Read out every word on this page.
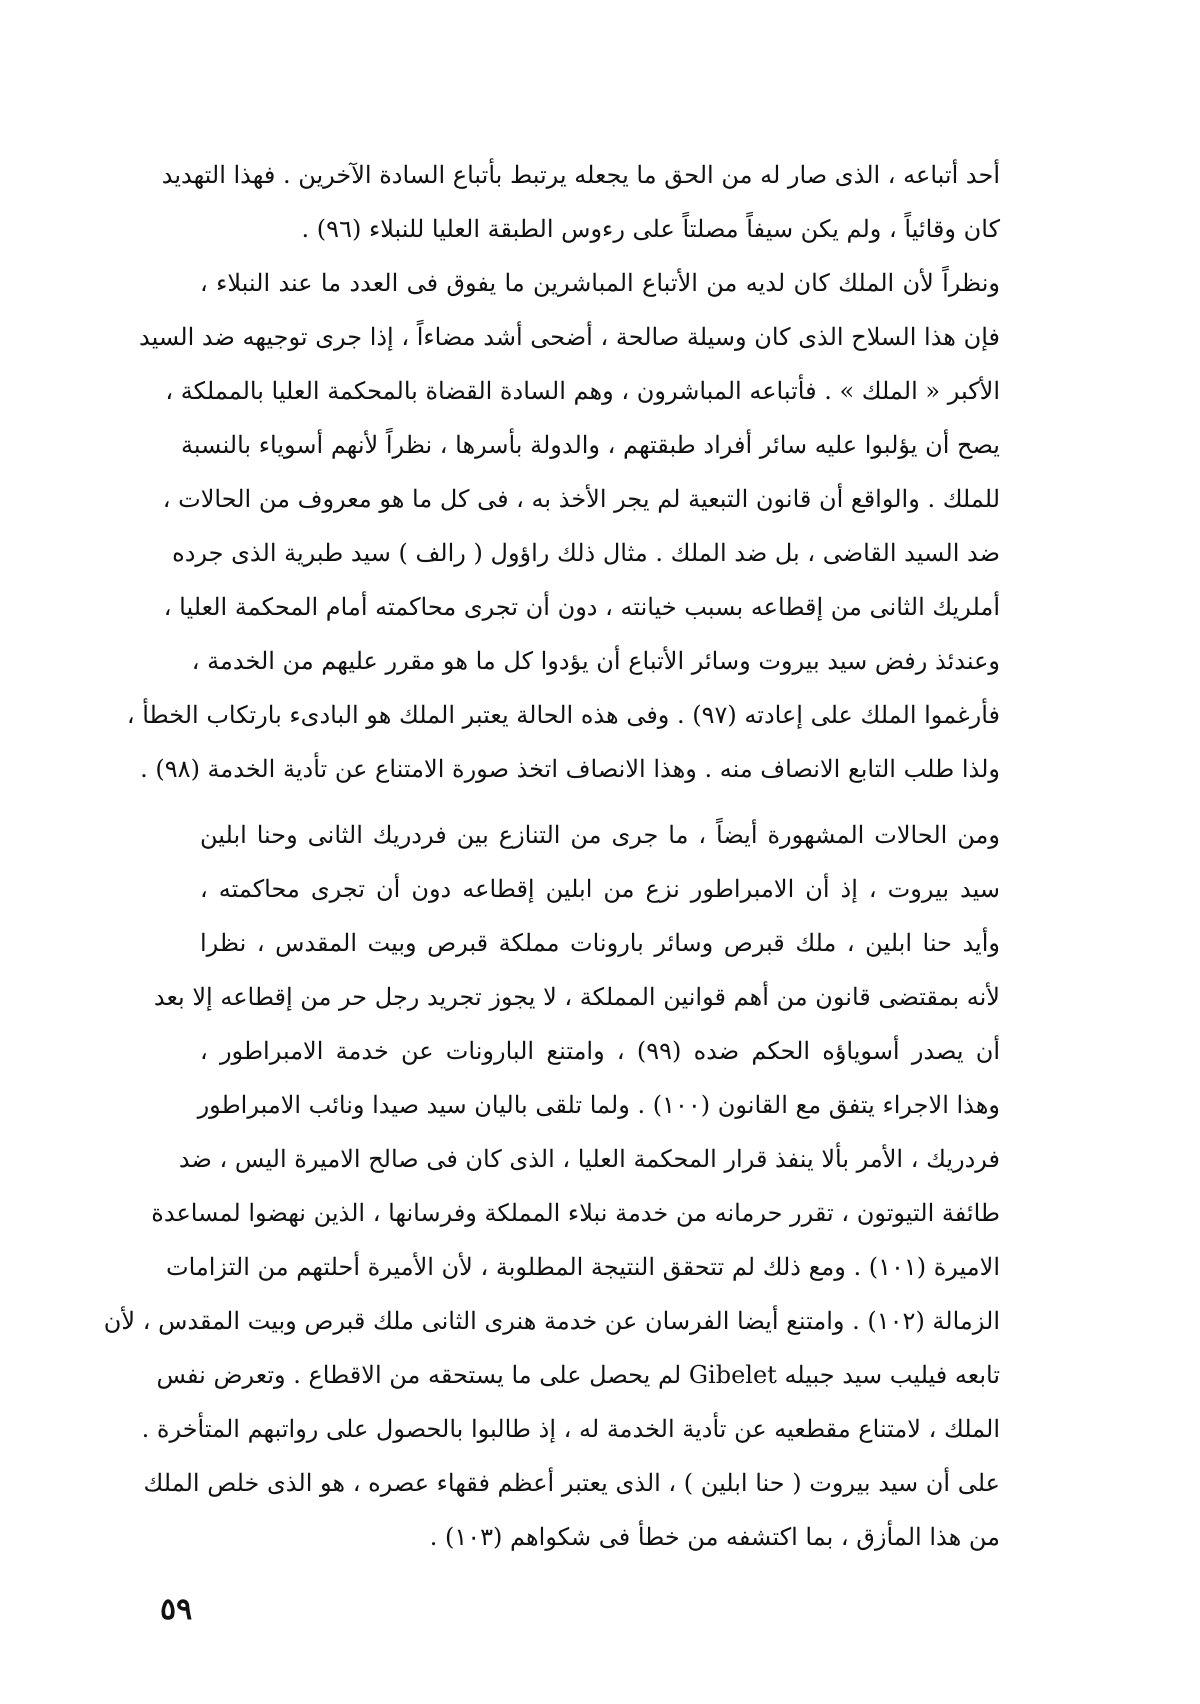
أحد أتباعه ، الذى صار له من الحق ما يجعله يرتبط بأتباع السادة الآخرين . فهذا التهديد
كان وقائياً ، ولم يكن سيفاً مصلتاً على رءوس الطبقة العليا للنبلاء (٩٦) .
ونظراً لأن الملك كان لديه من الأتباع المباشرين ما يفوق فى العدد ما عند النبلاء ،
فإن هذا السلاح الذى كان وسيلة صالحة ، أضحى أشد مضاءاً ، إذا جرى توجيهه ضد السيد
الأكبر « الملك » . فأتباعه المباشرون ، وهم السادة القضاة بالمحكمة العليا بالمملكة ،
يصح أن يؤلبوا عليه سائر أفراد طبقتهم ، والدولة بأسرها ، نظراً لأنهم أسوياء بالنسبة
للملك . والواقع أن قانون التبعية لم يجر الأخذ به ، فى كل ما هو معروف من الحالات ،
ضد السيد القاضى ، بل ضد الملك . مثال ذلك راؤول ( رالف ) سيد طبرية الذى جرده
أملريك الثانى من إقطاعه بسبب خيانته ، دون أن تجرى محاكمته أمام المحكمة العليا ،
وعندئذ رفض سيد بيروت وسائر الأتباع أن يؤدوا كل ما هو مقرر عليهم من الخدمة ،
فأرغموا الملك على إعادته (٩٧) . وفى هذه الحالة يعتبر الملك هو البادىء بارتكاب الخطأ ،
ولذا طلب التابع الانصاف منه . وهذا الانصاف اتخذ صورة الامتناع عن تأدية الخدمة (٩٨) .
ومن الحالات المشهورة أيضاً ، ما جرى من التنازع بين فردريك الثانى وحنا ابلين
سيد بيروت ، إذ أن الامبراطور نزع من ابلين إقطاعه دون أن تجرى محاكمته ،
وأيد حنا ابلين ، ملك قبرص وسائر بارونات مملكة قبرص وبيت المقدس ، نظرا
لأنه بمقتضى قانون من أهم قوانين المملكة ، لا يجوز تجريد رجل حر من إقطاعه إلا بعد
أن يصدر أسوياؤه الحكم ضده (٩٩) ، وامتنع البارونات عن خدمة الامبراطور ،
وهذا الاجراء يتفق مع القانون (١٠٠) . ولما تلقى باليان سيد صيدا ونائب الامبراطور
فردريك ، الأمر بألا ينفذ قرار المحكمة العليا ، الذى كان فى صالح الاميرة اليس ، ضد
طائفة التيوتون ، تقرر حرمانه من خدمة نبلاء المملكة وفرسانها ، الذين نهضوا لمساعدة
الاميرة (١٠١) . ومع ذلك لم تتحقق النتيجة المطلوبة ، لأن الأميرة أحلتهم من التزامات
الزمالة (١٠٢) . وامتنع أيضا الفرسان عن خدمة هنرى الثانى ملك قبرص وبيت المقدس ، لأن
تابعه فيليب سيد جبيله Gibelet لم يحصل على ما يستحقه من الاقطاع . وتعرض نفس
الملك ، لامتناع مقطعيه عن تأدية الخدمة له ، إذ طالبوا بالحصول على رواتبهم المتأخرة .
على أن سيد بيروت ( حنا ابلين ) ، الذى يعتبر أعظم فقهاء عصره ، هو الذى خلص الملك
من هذا المأزق ، بما اكتشفه من خطأ فى شكواهم (١٠٣) .
٥٩
